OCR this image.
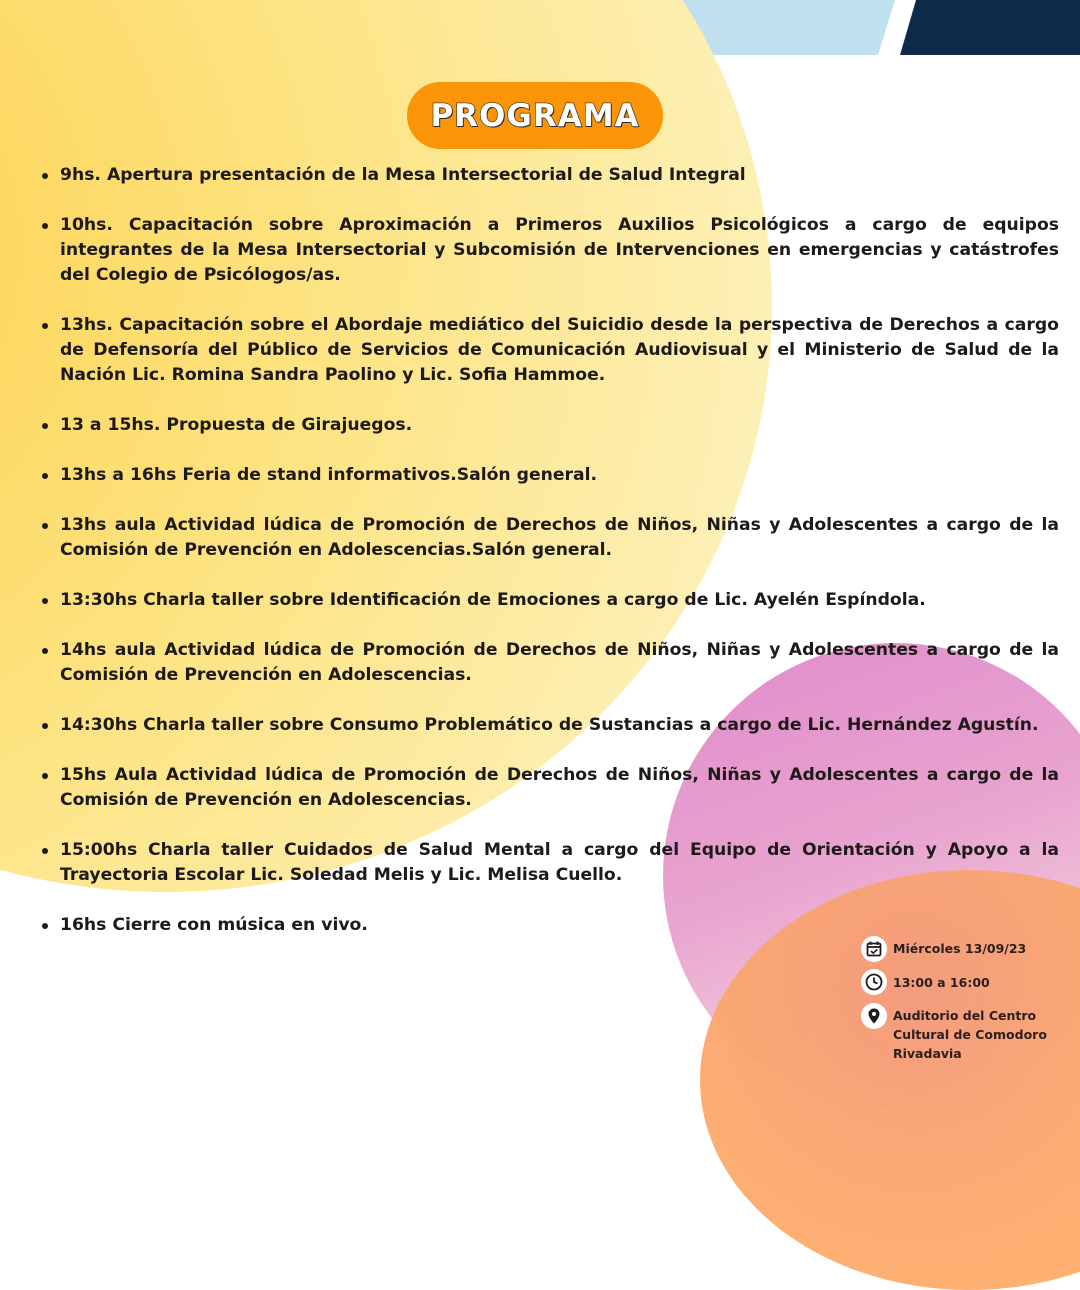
PROGRAMA
9hs. Apertura presentación de la Mesa Intersectorial de Salud Integral
10hs. Capacitación sobre Aproximación a Primeros Auxilios Psicológicos a cargo de equipos integrantes de la Mesa Intersectorial y Subcomisión de Intervenciones en emergencias y catástrofes del Colegio de Psicólogos/as.
13hs. Capacitación sobre el Abordaje mediático del Suicidio desde la perspectiva de Derechos a cargo de Defensoría del Público de Servicios de Comunicación Audiovisual y el Ministerio de Salud de la Nación Lic. Romina Sandra Paolino y Lic. Sofia Hammoe.
13 a 15hs. Propuesta de Girajuegos.
13hs a 16hs Feria de stand informativos.Salón general.
13hs aula Actividad lúdica de Promoción de Derechos de Niños, Niñas y Adolescentes a cargo de la Comisión de Prevención en Adolescencias.Salón general.
13:30hs Charla taller sobre Identificación de Emociones a cargo de Lic. Ayelén Espíndola.
14hs aula Actividad lúdica de Promoción de Derechos de Niños, Niñas y Adolescentes a cargo de la Comisión de Prevención en Adolescencias.
14:30hs Charla taller sobre Consumo Problemático de Sustancias a cargo de Lic. Hernández Agustín.
15hs Aula Actividad lúdica de Promoción de Derechos de Niños, Niñas y Adolescentes a cargo de la Comisión de Prevención en Adolescencias.
15:00hs Charla taller Cuidados de Salud Mental a cargo del Equipo de Orientación y Apoyo a la Trayectoria Escolar Lic. Soledad Melis y Lic. Melisa Cuello.
16hs Cierre con música en vivo.
Miércoles 13/09/23
13:00 a 16:00
Auditorio del Centro Cultural de Comodoro Rivadavia
